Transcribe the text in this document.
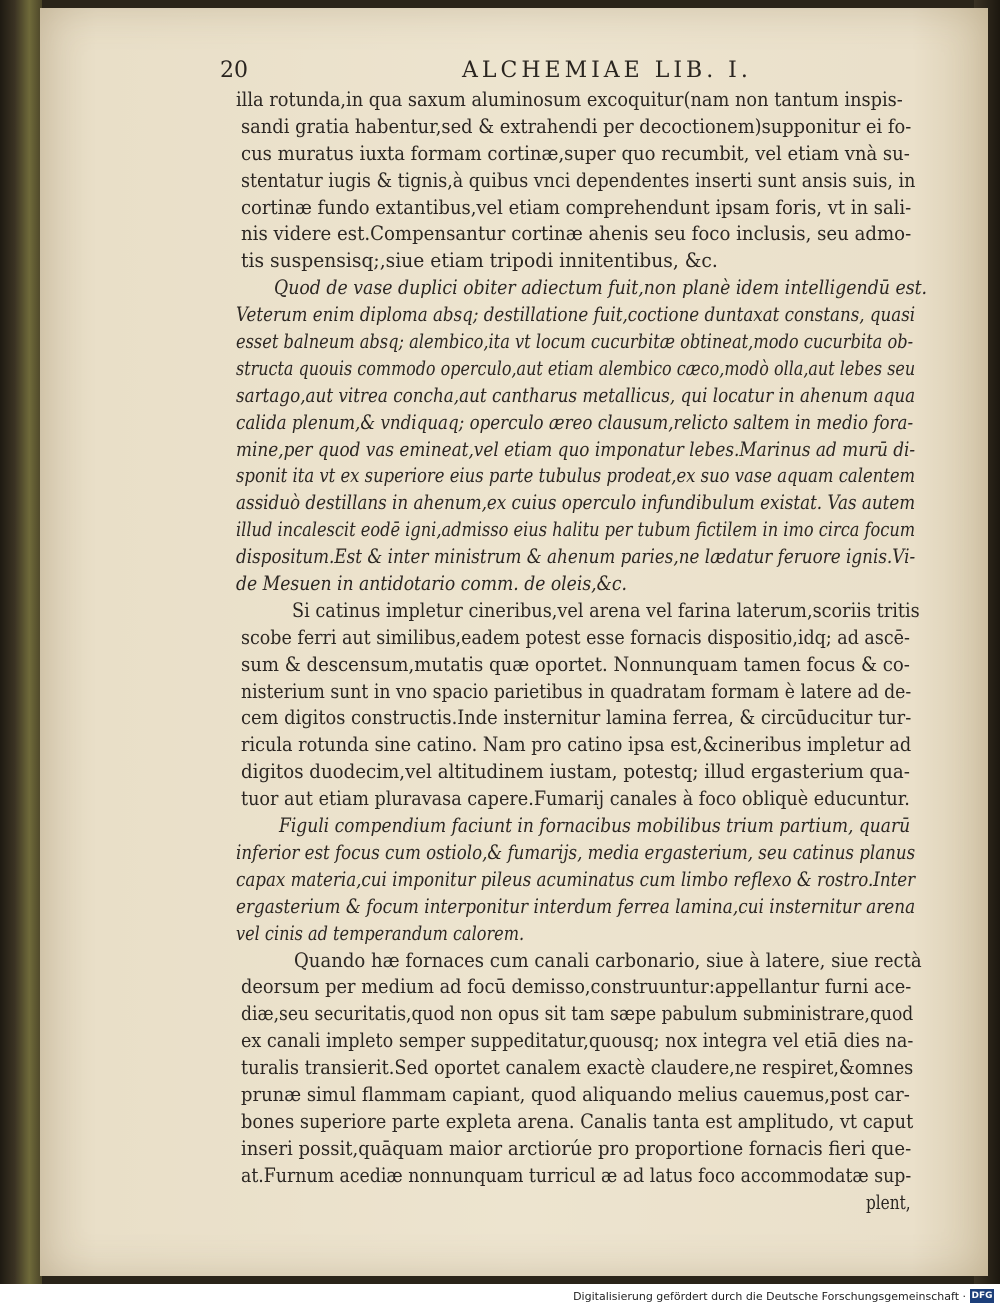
20	ALCHEMIAE LIB. I.
illa rotunda,in qua saxum aluminosum excoquitur(nam non tantum inspis-
sandi gratia habentur,sed & extrahendi per decoctionem)supponitur ei fo-
cus muratus iuxta formam cortinæ,super quo recumbit, vel etiam vnà su-
stentatur iugis & tignis,à quibus vnci dependentes inserti sunt ansis suis, in
cortinæ fundo extantibus,vel etiam comprehendunt ipsam foris, vt in sali-
nis videre est.Compensantur cortinæ ahenis seu foco inclusis, seu admo-
tis suspensisq;,siue etiam tripodi innitentibus, &c.
Quod de vase duplici obiter adiectum fuit,non planè idem intelligendū est.
Veterum enim diploma absq; destillatione fuit,coctione duntaxat constans, quasi
esset balneum absq; alembico,ita vt locum cucurbitæ obtineat,modo cucurbita ob-
structa quouis commodo operculo,aut etiam alembico cæco,modò olla,aut lebes seu
sartago,aut vitrea concha,aut cantharus metallicus, qui locatur in ahenum aqua
calida plenum,& vndiquaq; operculo æreo clausum,relicto saltem in medio fora-
mine,per quod vas emineat,vel etiam quo imponatur lebes.Marinus ad murū di-
sponit ita vt ex superiore eius parte tubulus prodeat,ex suo vase aquam calentem
assiduò destillans in ahenum,ex cuius operculo infundibulum existat. Vas autem
illud incalescit eodē igni,admisso eius halitu per tubum fictilem in imo circa focum
dispositum.Est & inter ministrum & ahenum paries,ne lædatur feruore ignis.Vi-
de Mesuen in antidotario comm. de oleis,&c.
Si catinus impletur cineribus,vel arena vel farina laterum,scoriis tritis
scobe ferri aut similibus,eadem potest esse fornacis dispositio,idq; ad ascē-
sum & descensum,mutatis quæ oportet. Nonnunquam tamen focus & co-
nisterium sunt in vno spacio parietibus in quadratam formam è latere ad de-
cem digitos constructis.Inde insternitur lamina ferrea, & circūducitur tur-
ricula rotunda sine catino. Nam pro catino ipsa est,&cineribus impletur ad
digitos duodecim,vel altitudinem iustam, potestq; illud ergasterium qua-
tuor aut etiam pluravasa capere.Fumarij canales à foco obliquè educuntur.
Figuli compendium faciunt in fornacibus mobilibus trium partium, quarū
inferior est focus cum ostiolo,& fumarijs, media ergasterium, seu catinus planus
capax materia,cui imponitur pileus acuminatus cum limbo reflexo & rostro.Inter
ergasterium & focum interponitur interdum ferrea lamina,cui insternitur arena
vel cinis ad temperandum calorem.
Quando hæ fornaces cum canali carbonario, siue à latere, siue rectà
deorsum per medium ad focū demisso,construuntur:appellantur furni ace-
diæ,seu securitatis,quod non opus sit tam sæpe pabulum subministrare,quod
ex canali impleto semper suppeditatur,quousq; nox integra vel etiā dies na-
turalis transierit.Sed oportet canalem exactè claudere,ne respiret,&omnes
prunæ simul flammam capiant, quod aliquando melius cauemus,post car-
bones superiore parte expleta arena. Canalis tanta est amplitudo, vt caput
inseri possit,quāquam maior arctiorúe pro proportione fornacis fieri que-
at.Furnum acediæ nonnunquam turricul æ ad latus foco accommodatæ sup-
plent,
Digitalisierung gefördert durch die Deutsche Forschungsgemeinschaft · DFG
